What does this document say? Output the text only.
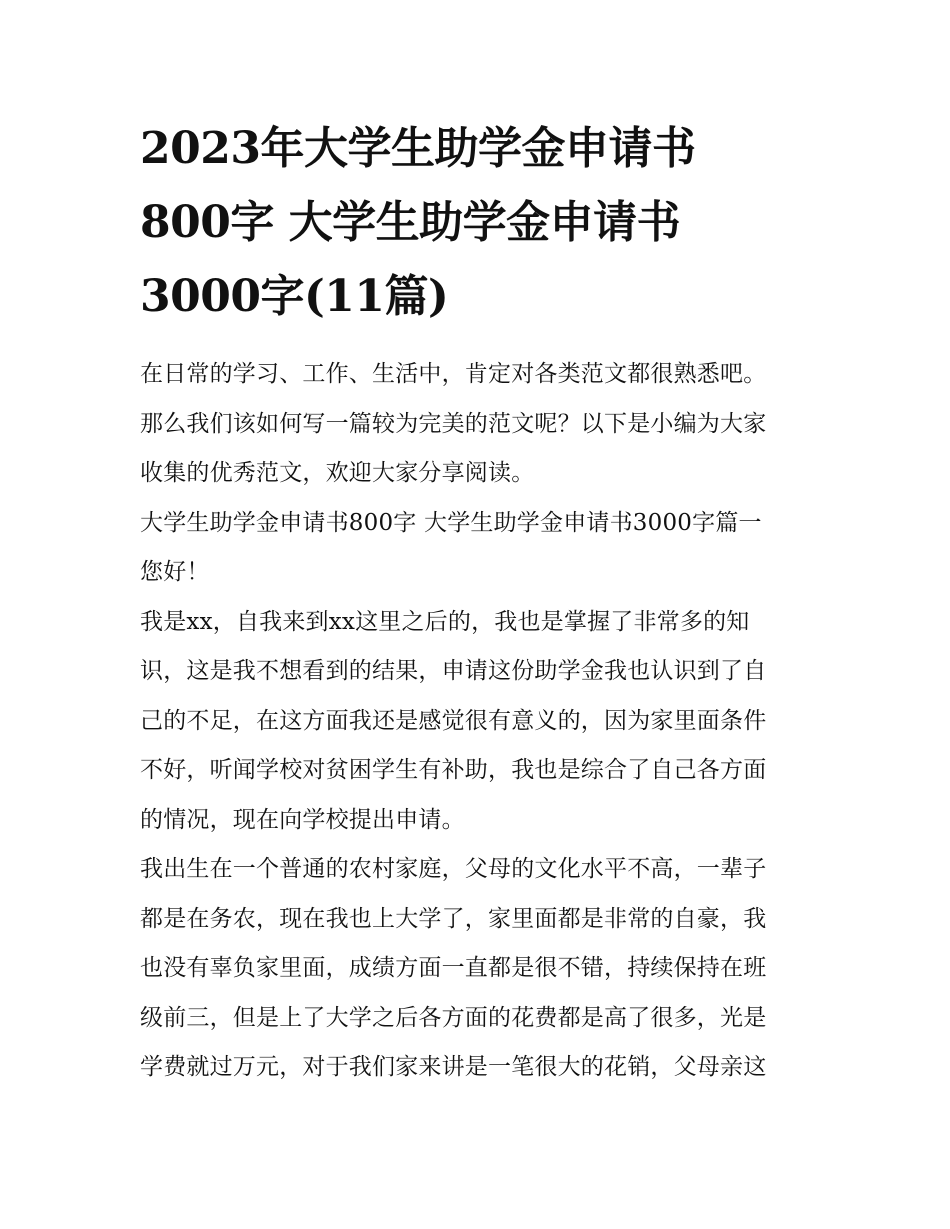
2023年大学生助学金申请书
800字 大学生助学金申请书
3000字(11篇)

在日常的学习、工作、生活中，肯定对各类范文都很熟悉吧。
那么我们该如何写一篇较为完美的范文呢？以下是小编为大家
收集的优秀范文，欢迎大家分享阅读。

大学生助学金申请书800字 大学生助学金申请书3000字篇一

您好！

我是xx，自我来到xx这里之后的，我也是掌握了非常多的知
识，这是我不想看到的结果，申请这份助学金我也认识到了自
己的不足，在这方面我还是感觉很有意义的，因为家里面条件
不好，听闻学校对贫困学生有补助，我也是综合了自己各方面
的情况，现在向学校提出申请。

我出生在一个普通的农村家庭，父母的文化水平不高，一辈子
都是在务农，现在我也上大学了，家里面都是非常的自豪，我
也没有辜负家里面，成绩方面一直都是很不错，持续保持在班
级前三，但是上了大学之后各方面的花费都是高了很多，光是
学费就过万元，对于我们家来讲是一笔很大的花销，父母亲这
